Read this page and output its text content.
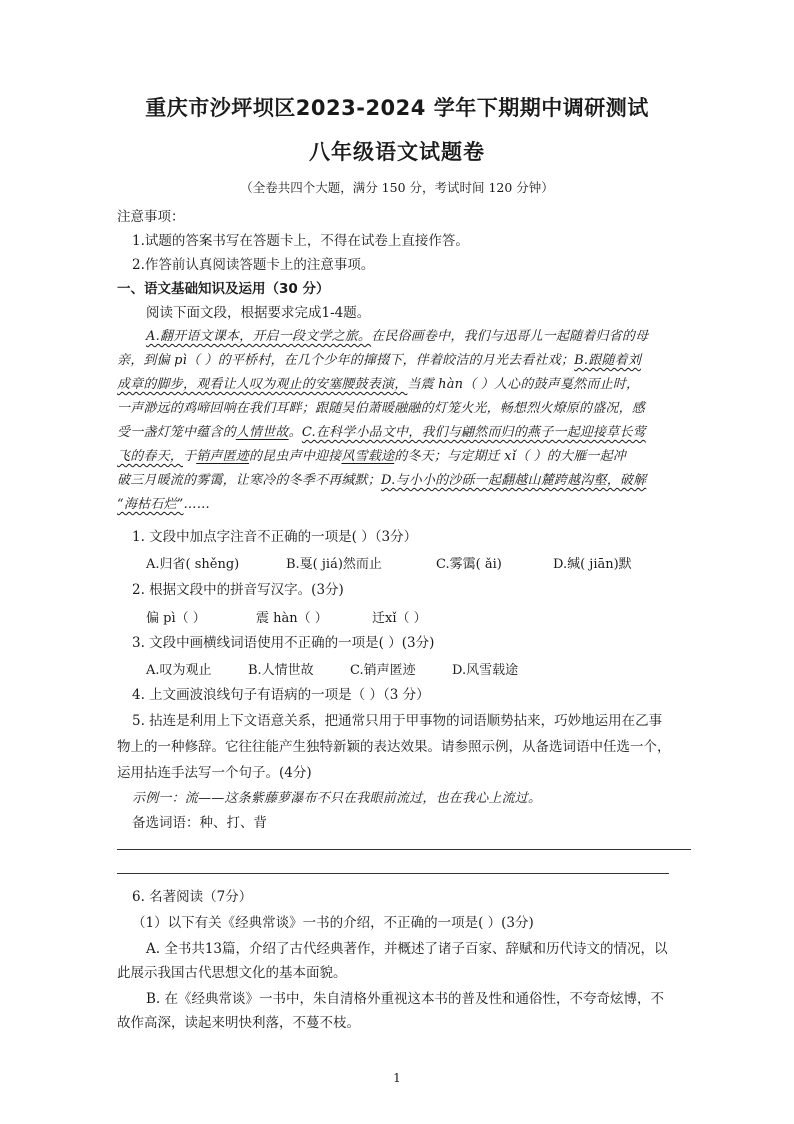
重庆市沙坪坝区2023-2024 学年下期期中调研测试
八年级语文试题卷
（全卷共四个大题，满分 150 分，考试时间 120 分钟）
注意事项：
1.试题的答案书写在答题卡上，不得在试卷上直接作答。
2.作答前认真阅读答题卡上的注意事项。
一、语文基础知识及运用（30 分）
阅读下面文段，根据要求完成1-4题。
A.翻开语文课本，开启一段文学之旅。在民俗画卷中，我们与迅哥儿一起随着归省的母
亲，到偏 pì（ ）的平桥村，在几个少年的撺掇下，伴着皎洁的月光去看社戏；B.跟随着刘
成章的脚步，观看让人叹为观止的安塞腰鼓表演，当震 hàn（ ）人心的鼓声戛然而止时，
一声渺远的鸡啼回响在我们耳畔；跟随吴伯萧暖融融的灯笼火光，畅想烈火燎原的盛况，感
受一盏灯笼中蕴含的人情世故。C.在科学小品文中，我们与翩然而归的燕子一起迎接草长莺
飞的春天，于销声匿迹的昆虫声中迎接风雪载途的冬天；与定期迁 xǐ（ ）的大雁一起冲
破三月暖流的雾霭，让寒冷的冬季不再缄默；D.与小小的沙砾一起翻越山麓跨越沟壑，破解
“海枯石烂”……
1. 文段中加点字注音不正确的一项是( ）（3分）
A.归省( shěng)	B.戛( jiá)然而止	C.雾霭( ǎi)	D.缄( jiān)默
2. 根据文段中的拼音写汉字。(3分)
偏 pì（ ）	震 hàn（ ）	迁xǐ（ ）
3. 文段中画横线词语使用不正确的一项是( ）(3分)
A.叹为观止	B.人情世故	C.销声匿迹	D.风雪载途
4. 上文画波浪线句子有语病的一项是（ ）（3 分）
5. 拈连是利用上下文语意关系，把通常只用于甲事物的词语顺势拈来，巧妙地运用在乙事
物上的一种修辞。它往往能产生独特新颖的表达效果。请参照示例，从备选词语中任选一个，
运用拈连手法写一个句子。(4分)
示例一：流——这条紫藤萝瀑布不只在我眼前流过，也在我心上流过。
备选词语：种、打、背
6. 名著阅读（7分）
（1）以下有关《经典常谈》一书的介绍，不正确的一项是( ）(3分)
A. 全书共13篇，介绍了古代经典著作，并概述了诸子百家、辞赋和历代诗文的情况，以
此展示我国古代思想文化的基本面貌。
B. 在《经典常谈》一书中，朱自清格外重视这本书的普及性和通俗性，不夸奇炫博，不
故作高深，读起来明快利落，不蔓不枝。
1
